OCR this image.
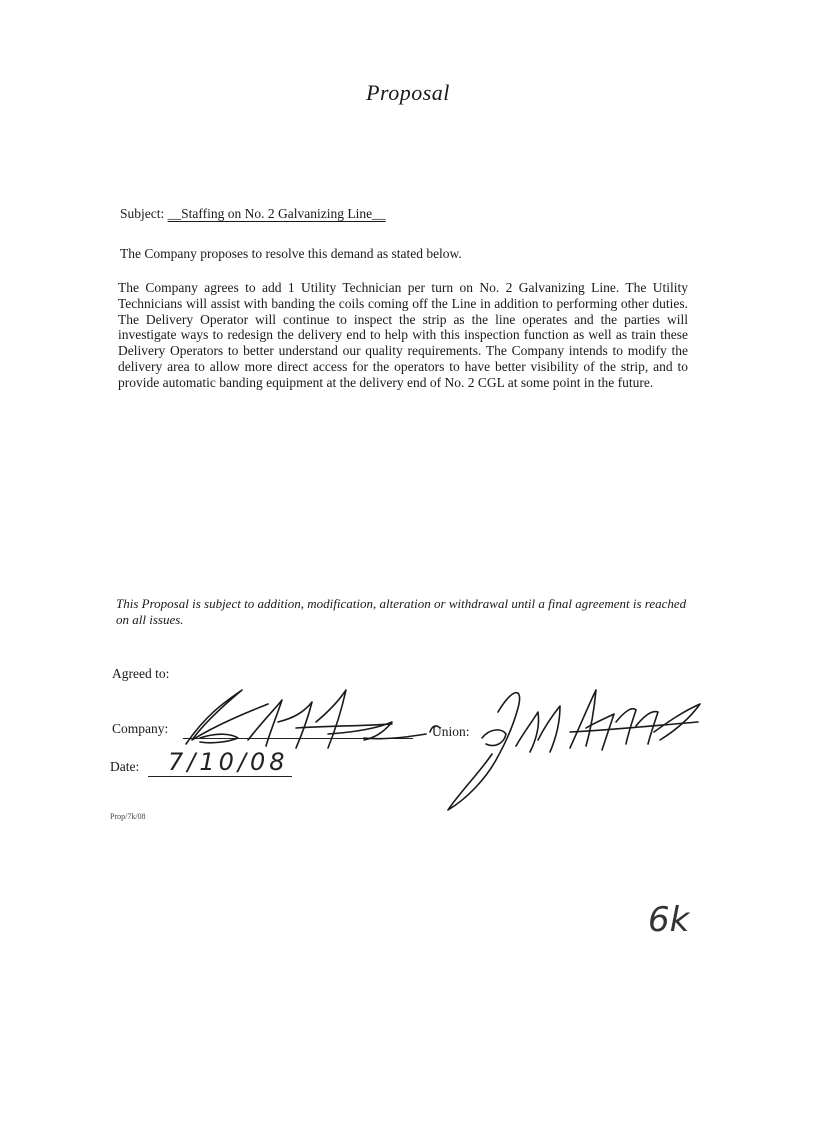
Proposal
Subject: __Staffing on No. 2 Galvanizing Line__
The Company proposes to resolve this demand as stated below.
The Company agrees to add 1 Utility Technician per turn on No. 2 Galvanizing Line. The Utility Technicians will assist with banding the coils coming off the Line in addition to performing other duties. The Delivery Operator will continue to inspect the strip as the line operates and the parties will investigate ways to redesign the delivery end to help with this inspection function as well as train these Delivery Operators to better understand our quality requirements. The Company intends to modify the delivery area to allow more direct access for the operators to have better visibility of the strip, and to provide automatic banding equipment at the delivery end of No. 2 CGL at some point in the future.
This Proposal is subject to addition, modification, alteration or withdrawal until a final agreement is reached on all issues.
Agreed to:
Company:	Union:
Date: 7/10/08
Prop/7k/08
6k
